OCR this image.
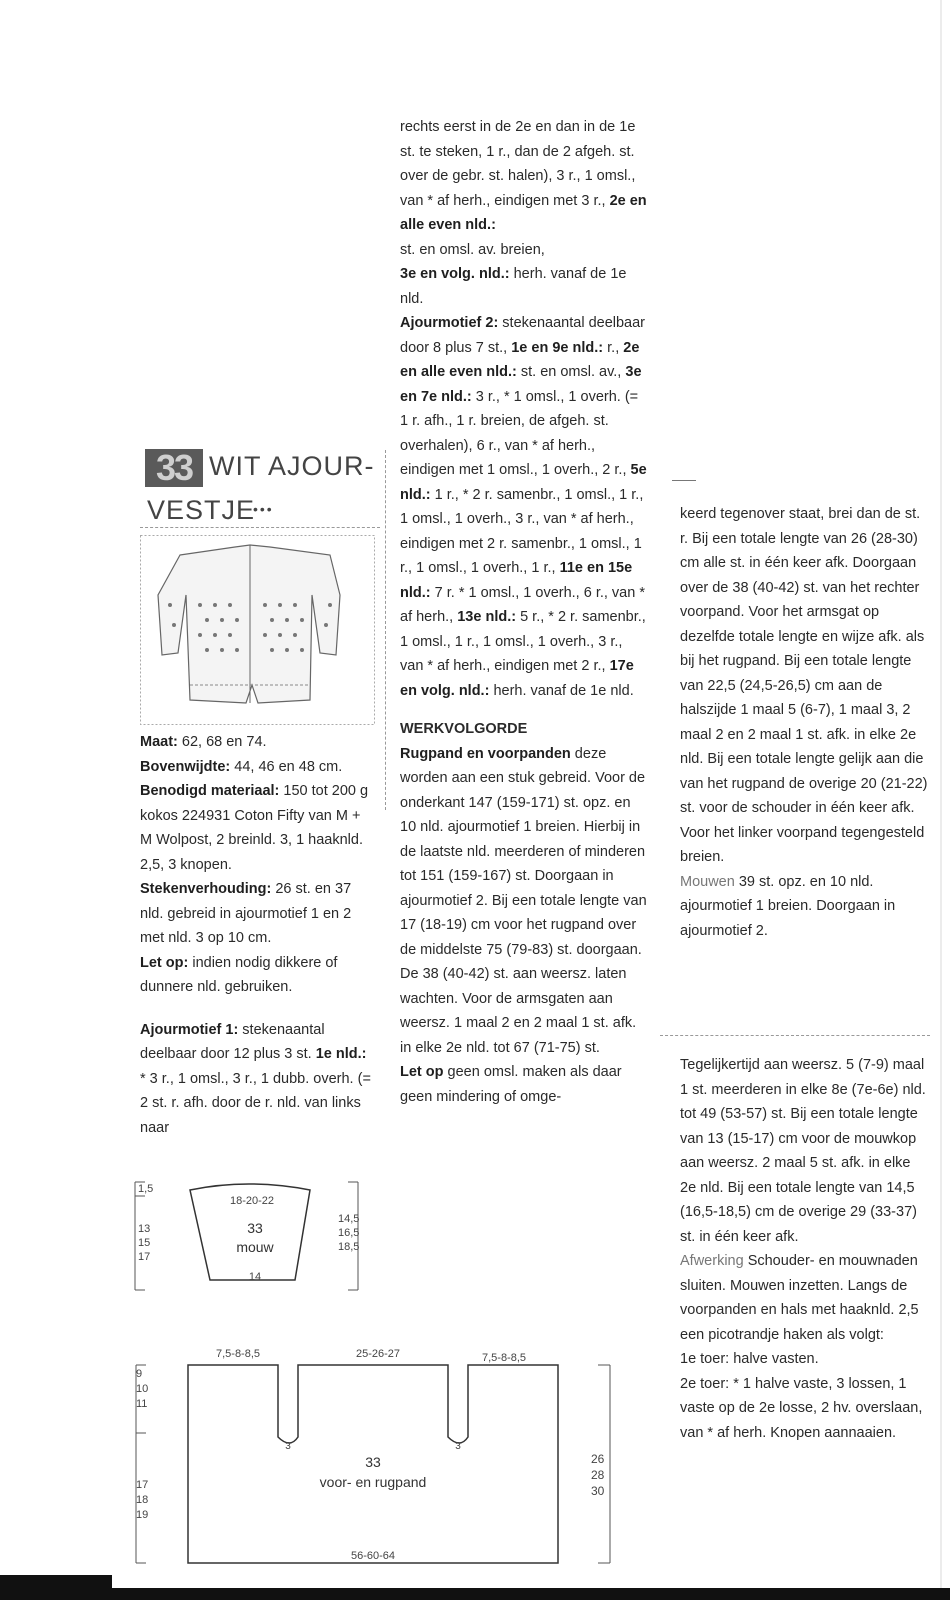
rechts eerst in de 2e en dan in de 1e st. te steken, 1 r., dan de 2 afgeh. st. over de gebr. st. halen), 3 r., 1 omsl., van * af herh., eindigen met 3 r., 2e en alle even nld.:
st. en omsl. av. breien,
3e en volg. nld.: herh. vanaf de 1e nld.
Ajourmotief 2: stekenaantal deelbaar door 8 plus 7 st., 1e en 9e nld.: r., 2e en alle even nld.: st. en omsl. av., 3e en 7e nld.: 3 r., * 1 omsl., 1 overh. (= 1 r. afh., 1 r. breien, de afgeh. st. overhalen), 6 r., van * af herh., eindigen met 1 omsl., 1 overh., 2 r., 5e nld.: 1 r., * 2 r. samenbr., 1 omsl., 1 r., 1 omsl., 1 overh., 3 r., van * af herh., eindigen met 2 r. samenbr., 1 omsl., 1 r., 1 omsl., 1 overh., 1 r., 11e en 15e nld.: 7 r. * 1 omsl., 1 overh., 6 r., van * af herh., 13e nld.: 5 r., * 2 r. samenbr., 1 omsl., 1 r., 1 omsl., 1 overh., 3 r., van * af herh., eindigen met 2 r., 17e en volg. nld.: herh. vanaf de 1e nld.

WERKVOLGORDE

Rugpand en voorpanden deze worden aan een stuk gebreid. Voor de onderkant 147 (159-171) st. opz. en 10 nld. ajourmotief 1 breien. Hierbij in de laatste nld. meerderen of minderen tot 151 (159-167) st. Doorgaan in ajourmotief 2. Bij een totale lengte van 17 (18-19) cm voor het rugpand over de middelste 75 (79-83) st. doorgaan. De 38 (40-42) st. aan weersz. laten wachten. Voor de armsgaten aan weersz. 1 maal 2 en 2 maal 1 st. afk. in elke 2e nld. tot 67 (71-75) st.
Let op geen omsl. maken als daar geen mindering of omge-

33 WIT AJOUR-
VESTJE
•••

Maat: 62, 68 en 74.
Bovenwijdte: 44, 46 en 48 cm.
Benodigd materiaal: 150 tot 200 g kokos 224931 Coton Fifty van M + M Wolpost, 2 breinld. 3, 1 haaknld. 2,5, 3 knopen.
Stekenverhouding: 26 st. en 37 nld. gebreid in ajourmotief 1 en 2 met nld. 3 op 10 cm.
Let op: indien nodig dikkere of dunnere nld. gebruiken.

Ajourmotief 1: stekenaantal deelbaar door 12 plus 3 st. 1e nld.: * 3 r., 1 omsl., 3 r., 1 dubb. overh. (= 2 st. r. afh. door de r. nld. van links naar

1,5
13
15
17
18-20-22
33
mouw
14
14,5
16,5
18,5
7,5-8-8,5	25-26-27	7,5-8-8,5
3	3
33
voor- en rugpand
56-60-64
9
10
11
17
18
19
26
28
30

keerd tegenover staat, brei dan de st. r. Bij een totale lengte van 26 (28-30) cm alle st. in één keer afk. Doorgaan over de 38 (40-42) st. van het rechter voorpand. Voor het armsgat op dezelfde totale lengte en wijze afk. als bij het rugpand. Bij een totale lengte van 22,5 (24,5-26,5) cm aan de halszijde 1 maal 5 (6-7), 1 maal 3, 2 maal 2 en 2 maal 1 st. afk. in elke 2e nld. Bij een totale lengte gelijk aan die van het rugpand de overige 20 (21-22) st. voor de schouder in één keer afk. Voor het linker voorpand tegengesteld breien.

Mouwen 39 st. opz. en 10 nld. ajourmotief 1 breien. Doorgaan in ajourmotief 2.

Tegelijkertijd aan weersz. 5 (7-9) maal 1 st. meerderen in elke 8e (7e-6e) nld. tot 49 (53-57) st. Bij een totale lengte van 13 (15-17) cm voor de mouwkop aan weersz. 2 maal 5 st. afk. in elke 2e nld. Bij een totale lengte van 14,5 (16,5-18,5) cm de overige 29 (33-37) st. in één keer afk.

Afwerking Schouder- en mouwnaden sluiten. Mouwen inzetten. Langs de voorpanden en hals met haaknld. 2,5 een picotrandje haken als volgt:

1e toer: halve vasten.

2e toer: * 1 halve vaste, 3 lossen, 1 vaste op de 2e losse, 2 hv. overslaan, van * af herh. Knopen aannaaien.
